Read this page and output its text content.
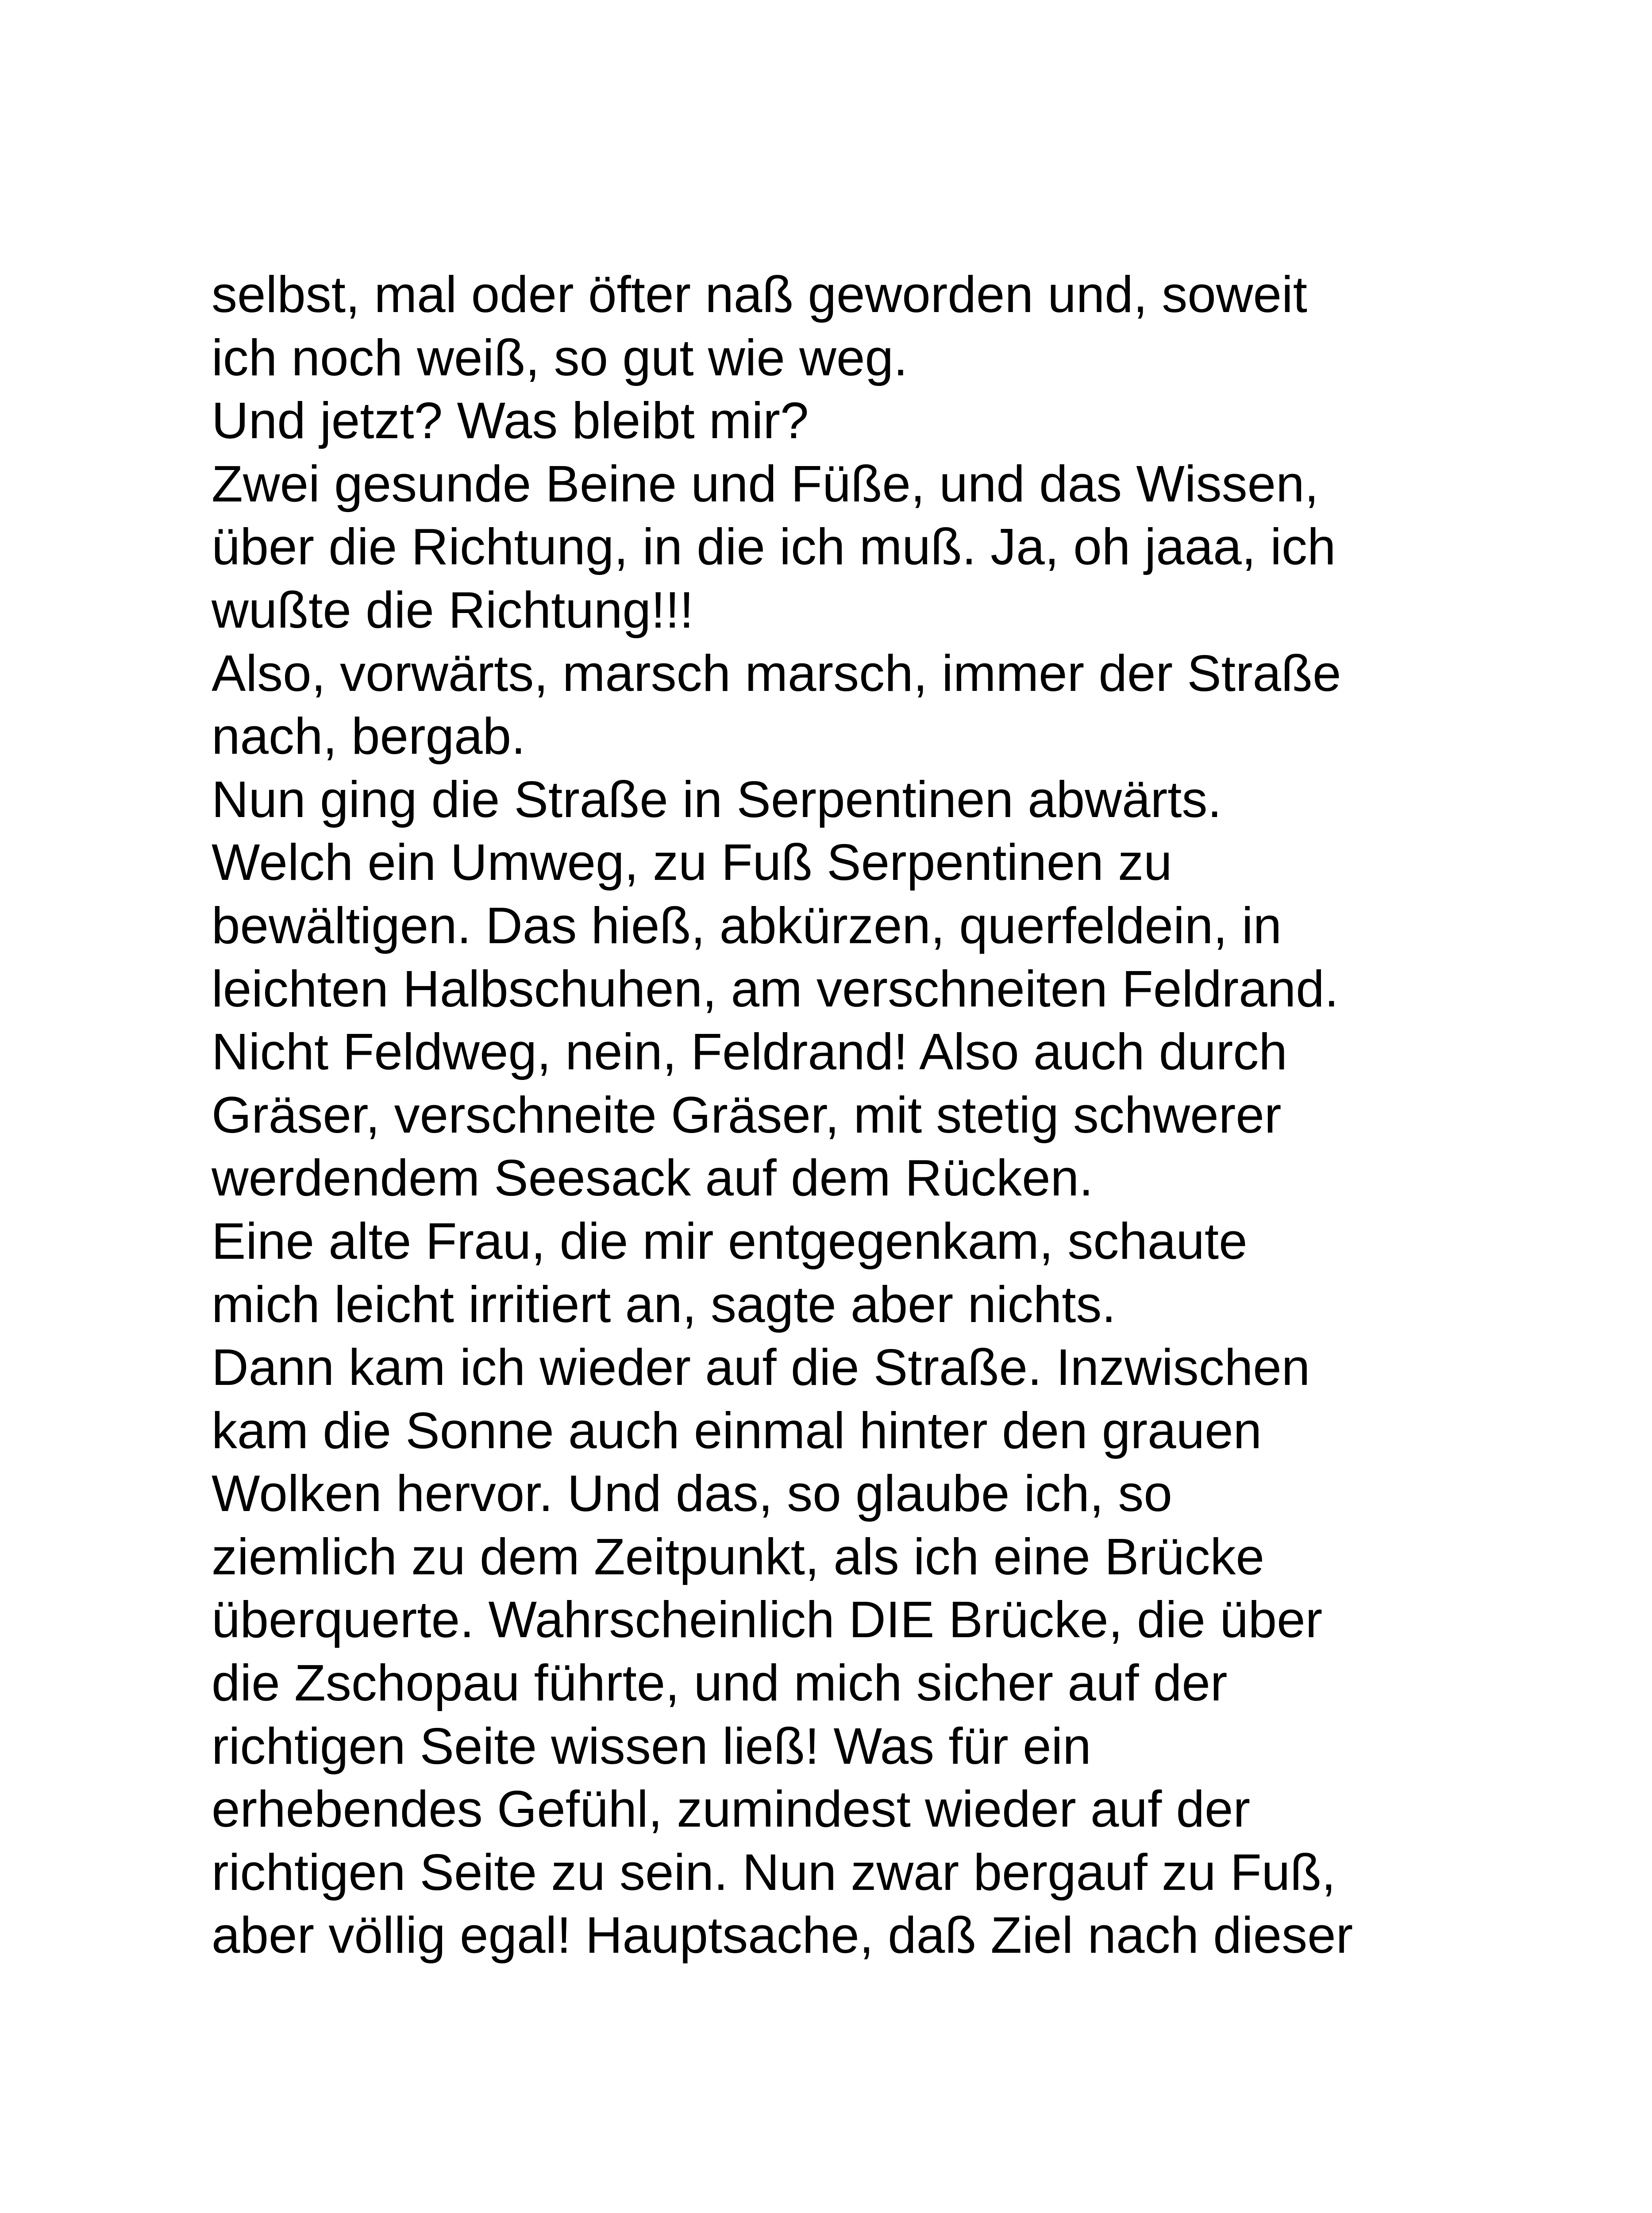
selbst, mal oder öfter naß geworden und, soweit
ich noch weiß, so gut wie weg.
Und jetzt? Was bleibt mir?
Zwei gesunde Beine und Füße, und das Wissen,
über die Richtung, in die ich muß. Ja, oh jaaa, ich
wußte die Richtung!!!
Also, vorwärts, marsch marsch, immer der Straße
nach, bergab.
Nun ging die Straße in Serpentinen abwärts.
Welch ein Umweg, zu Fuß Serpentinen zu
bewältigen. Das hieß, abkürzen, querfeldein, in
leichten Halbschuhen, am verschneiten Feldrand.
Nicht Feldweg, nein, Feldrand! Also auch durch
Gräser, verschneite Gräser, mit stetig schwerer
werdendem Seesack auf dem Rücken.
Eine alte Frau, die mir entgegenkam, schaute
mich leicht irritiert an, sagte aber nichts.
Dann kam ich wieder auf die Straße. Inzwischen
kam die Sonne auch einmal hinter den grauen
Wolken hervor. Und das, so glaube ich, so
ziemlich zu dem Zeitpunkt, als ich eine Brücke
überquerte. Wahrscheinlich DIE Brücke, die über
die Zschopau führte, und mich sicher auf der
richtigen Seite wissen ließ! Was für ein
erhebendes Gefühl, zumindest wieder auf der
richtigen Seite zu sein. Nun zwar bergauf zu Fuß,
aber völlig egal! Hauptsache, daß Ziel nach dieser
